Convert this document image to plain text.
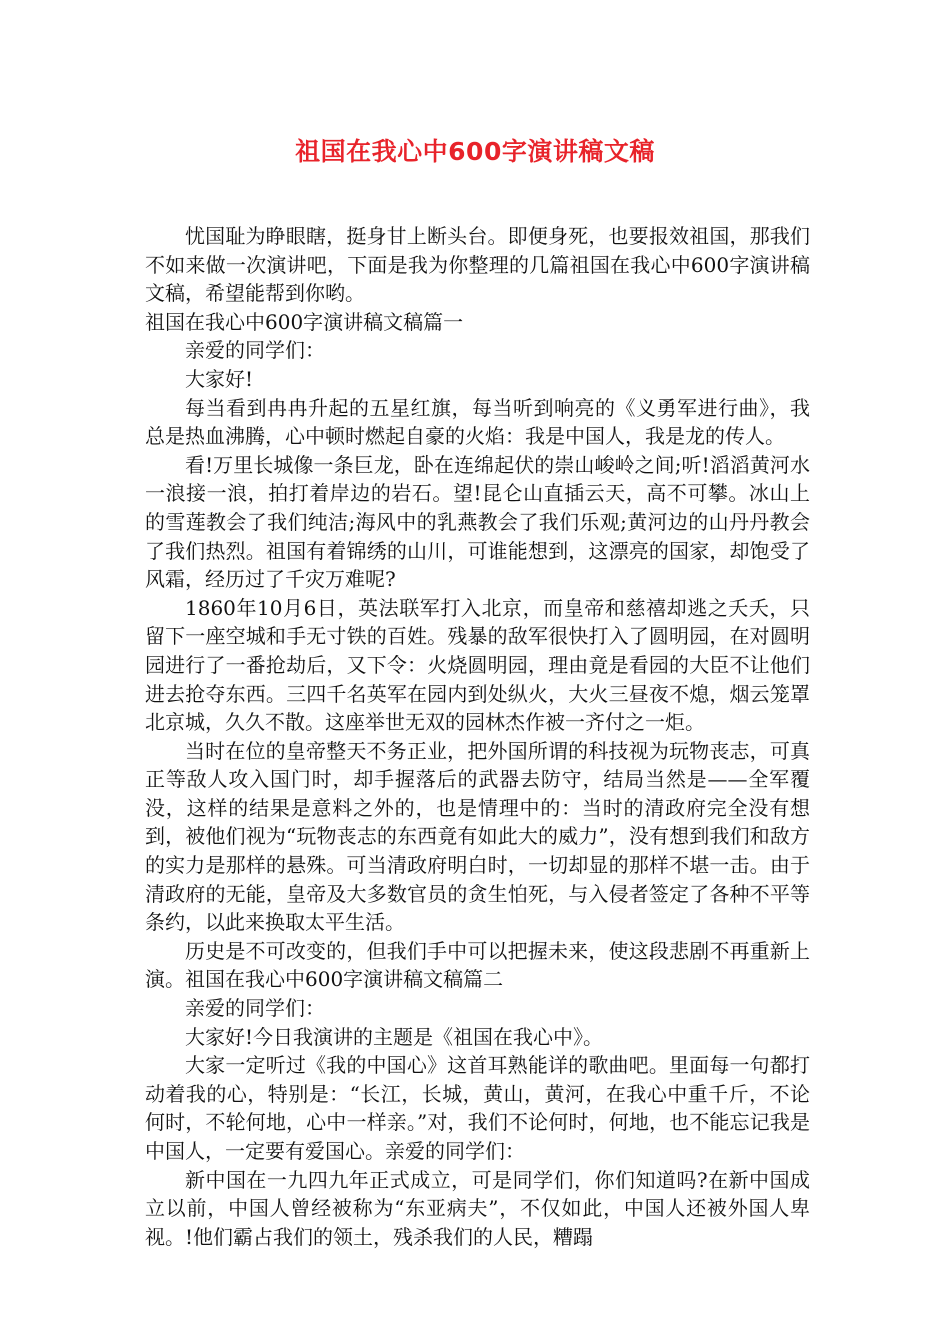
祖国在我心中600字演讲稿文稿

忧国耻为睁眼瞎，挺身甘上断头台。即便身死，也要报效祖国，那我们不如来做一次演讲吧，下面是我为你整理的几篇祖国在我心中600字演讲稿文稿，希望能帮到你哟。

祖国在我心中600字演讲稿文稿篇一

亲爱的同学们：

大家好!

每当看到冉冉升起的五星红旗，每当听到响亮的《义勇军进行曲》，我总是热血沸腾，心中顿时燃起自豪的火焰：我是中国人，我是龙的传人。

看!万里长城像一条巨龙，卧在连绵起伏的崇山峻岭之间;听!滔滔黄河水一浪接一浪，拍打着岸边的岩石。望!昆仑山直插云天，高不可攀。冰山上的雪莲教会了我们纯洁;海风中的乳燕教会了我们乐观;黄河边的山丹丹教会了我们热烈。祖国有着锦绣的山川，可谁能想到，这漂亮的国家，却饱受了风霜，经历过了千灾万难呢?

1860年10月6日，英法联军打入北京，而皇帝和慈禧却逃之夭夭，只留下一座空城和手无寸铁的百姓。残暴的敌军很快打入了圆明园，在对圆明园进行了一番抢劫后，又下令：火烧圆明园，理由竟是看园的大臣不让他们进去抢夺东西。三四千名英军在园内到处纵火，大火三昼夜不熄，烟云笼罩北京城，久久不散。这座举世无双的园林杰作被一齐付之一炬。

当时在位的皇帝整天不务正业，把外国所谓的科技视为玩物丧志，可真正等敌人攻入国门时，却手握落后的武器去防守，结局当然是——全军覆没，这样的结果是意料之外的，也是情理中的：当时的清政府完全没有想到，被他们视为“玩物丧志的东西竟有如此大的威力”，没有想到我们和敌方的实力是那样的悬殊。可当清政府明白时，一切却显的那样不堪一击。由于清政府的无能，皇帝及大多数官员的贪生怕死，与入侵者签定了各种不平等条约，以此来换取太平生活。

历史是不可改变的，但我们手中可以把握未来，使这段悲剧不再重新上演。祖国在我心中600字演讲稿文稿篇二

亲爱的同学们：

大家好!今日我演讲的主题是《祖国在我心中》。

大家一定听过《我的中国心》这首耳熟能详的歌曲吧。里面每一句都打动着我的心，特别是：“长江，长城，黄山，黄河，在我心中重千斤，不论何时，不轮何地，心中一样亲。”对，我们不论何时，何地，也不能忘记我是中国人，一定要有爱国心。亲爱的同学们：

新中国在一九四九年正式成立，可是同学们，你们知道吗?在新中国成立以前，中国人曾经被称为“东亚病夫”，不仅如此，中国人还被外国人卑视。!他们霸占我们的领土，残杀我们的人民，糟蹋
